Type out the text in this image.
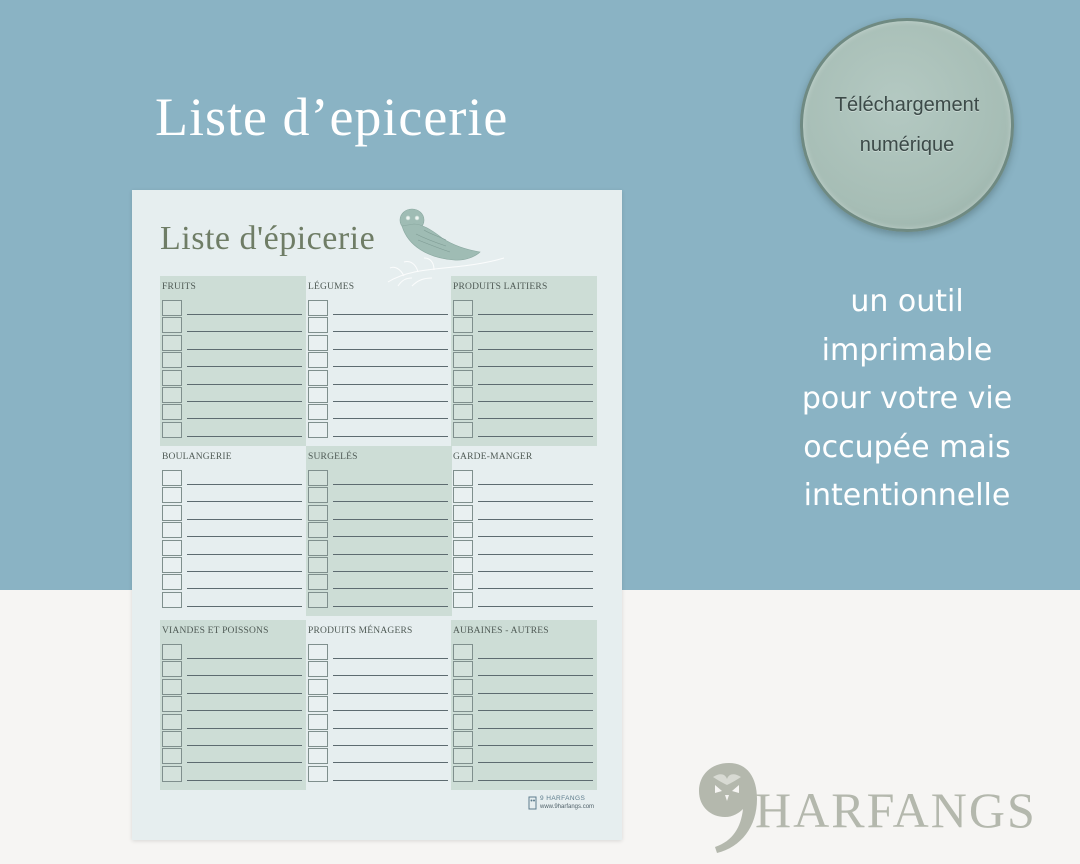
Liste d’epicerie	Téléchargement
numérique
un outil
imprimable
pour votre vie
occupée mais
intentionnelle
Liste d'épicerie
FRUITS	LÉGUMES	PRODUITS LAITIERS
BOULANGERIE	SURGELÉS	GARDE-MANGER
VIANDES ET POISSONS	PRODUITS MÉNAGERS	AUBAINES - AUTRES
9 HARFANGS
www.9harfangs.com	HARFANGS
